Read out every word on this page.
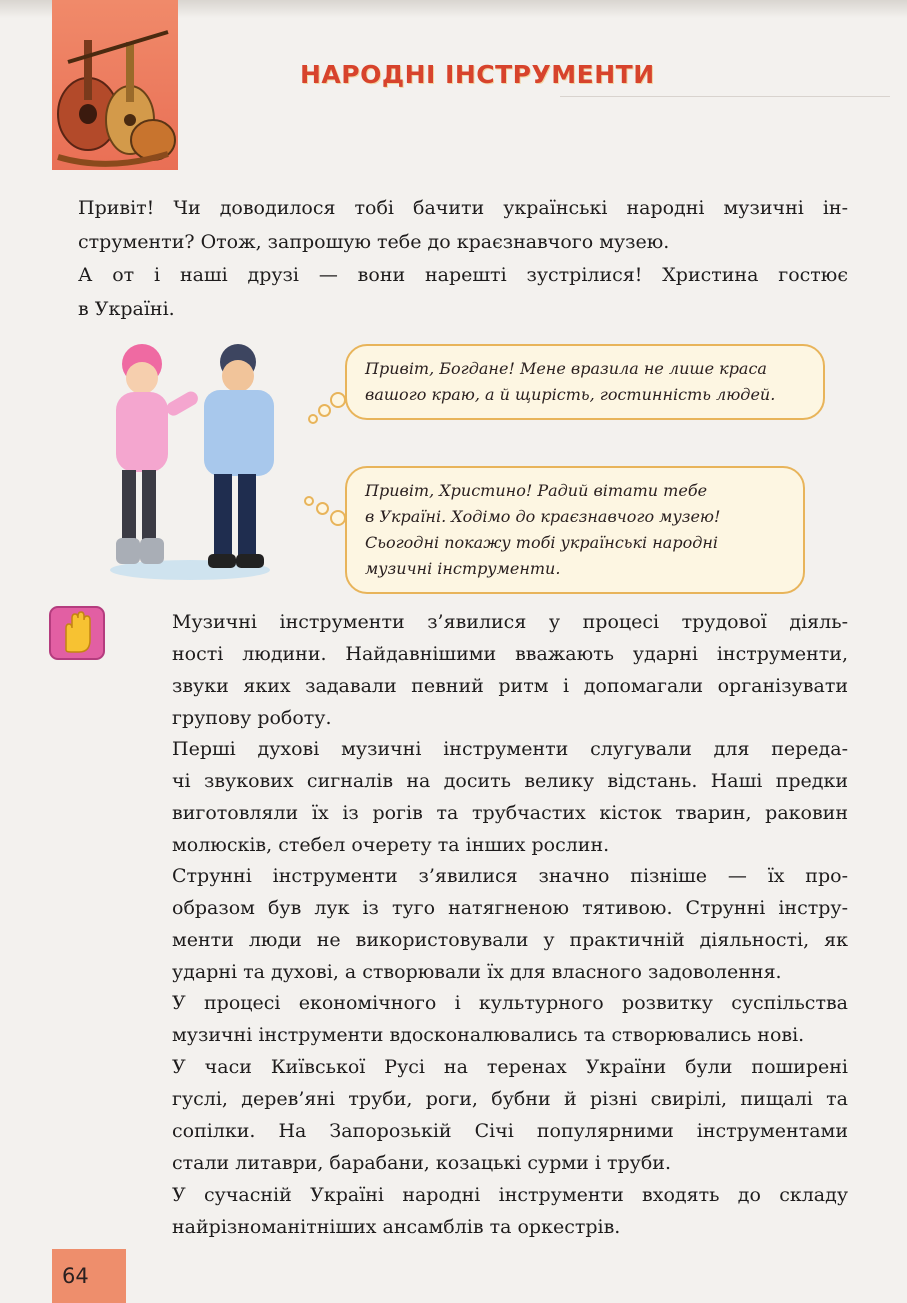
НАРОДНІ ІНСТРУМЕНТИ
Привіт! Чи доводилося тобі бачити українські народні музичні ін-
струменти? Отож, запрошую тебе до краєзнавчого музею.
А от і наші друзі — вони нарешті зустрілися! Христина гостює
в Україні.
Привіт, Богдане! Мене вразила не лише краса
вашого краю, а й щирість, гостинність людей.
Привіт, Христино! Радий вітати тебе
в Україні. Ходімо до краєзнавчого музею!
Сьогодні покажу тобі українські народні
музичні інструменти.
Музичні інструменти з’явилися у процесі трудової діяль-
ності людини. Найдавнішими вважають ударні інструменти,
звуки яких задавали певний ритм і допомагали організувати
групову роботу.
Перші духові музичні інструменти слугували для переда-
чі звукових сигналів на досить велику відстань. Наші предки
виготовляли їх із рогів та трубчастих кісток тварин, раковин
молюсків, стебел очерету та інших рослин.
Струнні інструменти з’явилися значно пізніше — їх про-
образом був лук із туго натягненою тятивою. Струнні інстру-
менти люди не використовували у практичній діяльності, як
ударні та духові, а створювали їх для власного задоволення.
У процесі економічного і культурного розвитку суспільства
музичні інструменти вдосконалювались та створювались нові.
У часи Київської Русі на теренах України були поширені
гуслі, дерев’яні труби, роги, бубни й різні свирілі, пищалі та
сопілки. На Запорозькій Січі популярними інструментами
стали литаври, барабани, козацькі сурми і труби.
У сучасній Україні народні інструменти входять до складу
найрізноманітніших ансамблів та оркестрів.
64
